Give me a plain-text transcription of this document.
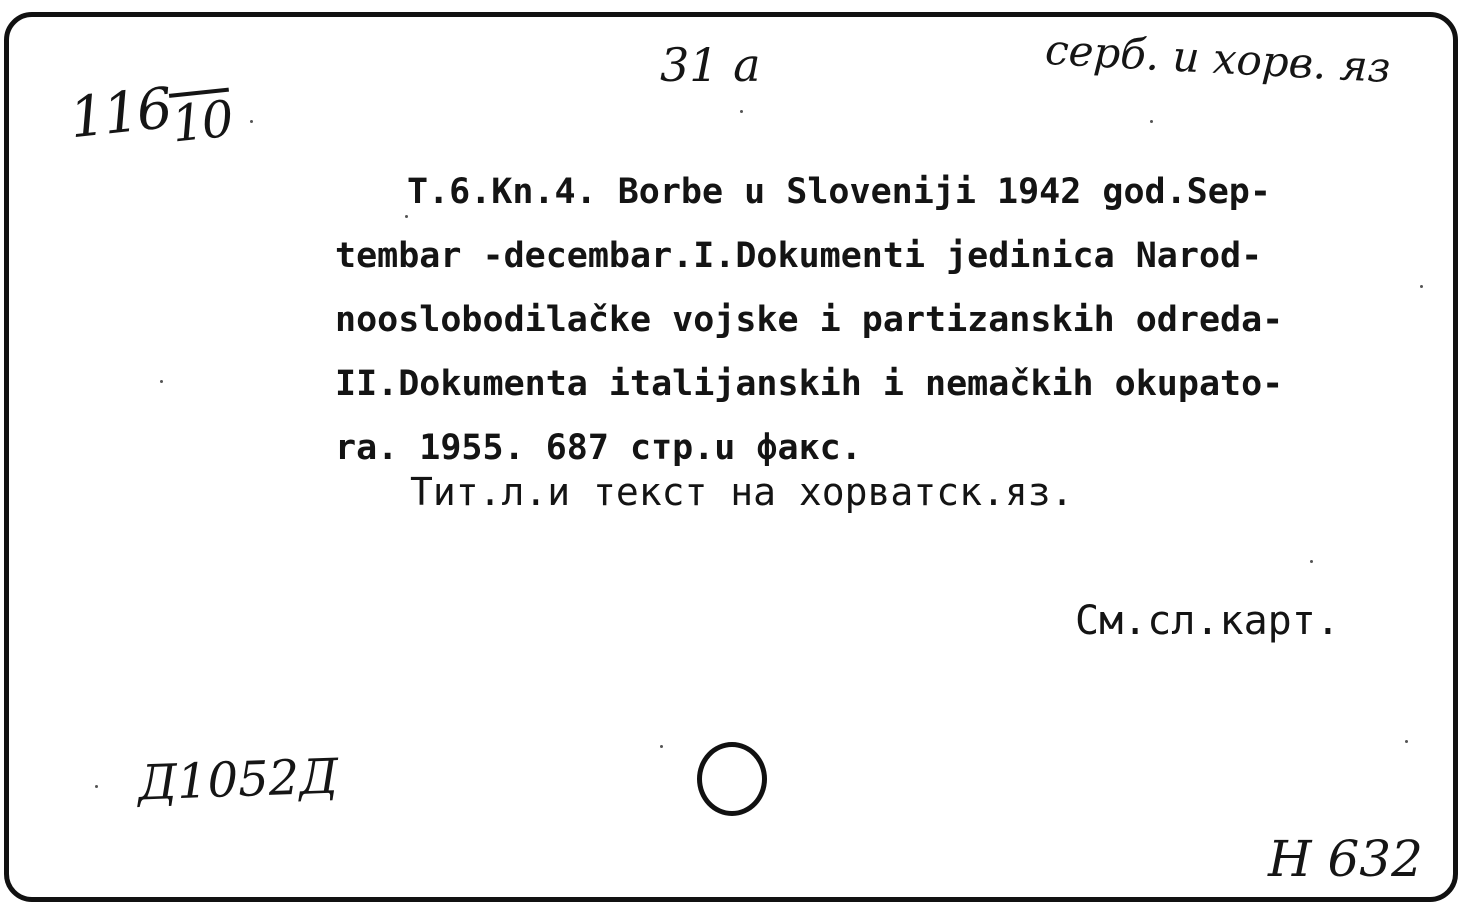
11610
31 a	серб. и хорв. яз

T.6.Kn.4. Borbe u Sloveniji 1942 god.Sep-

tembar -decembar.I.Dokumenti jedinica Narod-

nooslobodilačke vojske i partizanskih odreda-

II.Dokumenta italijanskih i nemačkih okupato-

ra. 1955. 687 стр.u факс.

Тит.л.и текст на хорватск.яз.
См.сл.карт.
Д1052Д
Н 632
